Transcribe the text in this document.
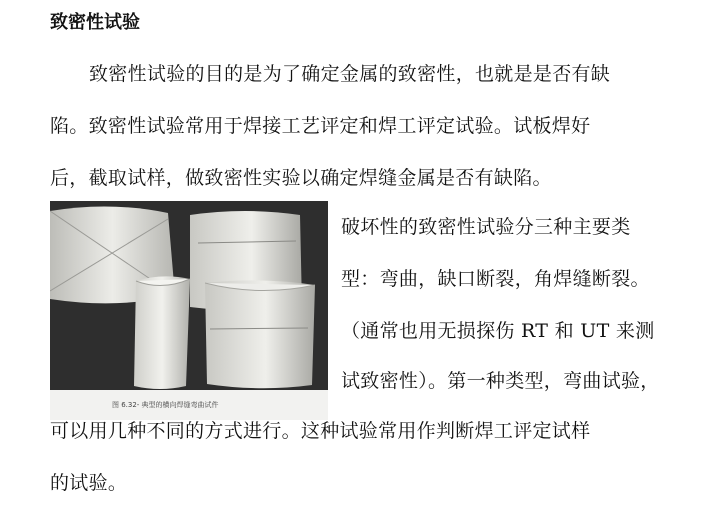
致密性试验
致密性试验的目的是为了确定金属的致密性，也就是是否有缺
陷。致密性试验常用于焊接工艺评定和焊工评定试验。试板焊好
后，截取试样，做致密性实验以确定焊缝金属是否有缺陷。
图 6.32- 典型的横向焊缝弯曲试件
破坏性的致密性试验分三种主要类
型：弯曲，缺口断裂，角焊缝断裂。
（通常也用无损探伤 RT 和 UT 来测
试致密性）。第一种类型，弯曲试验，
可以用几种不同的方式进行。这种试验常用作判断焊工评定试样
的试验。
